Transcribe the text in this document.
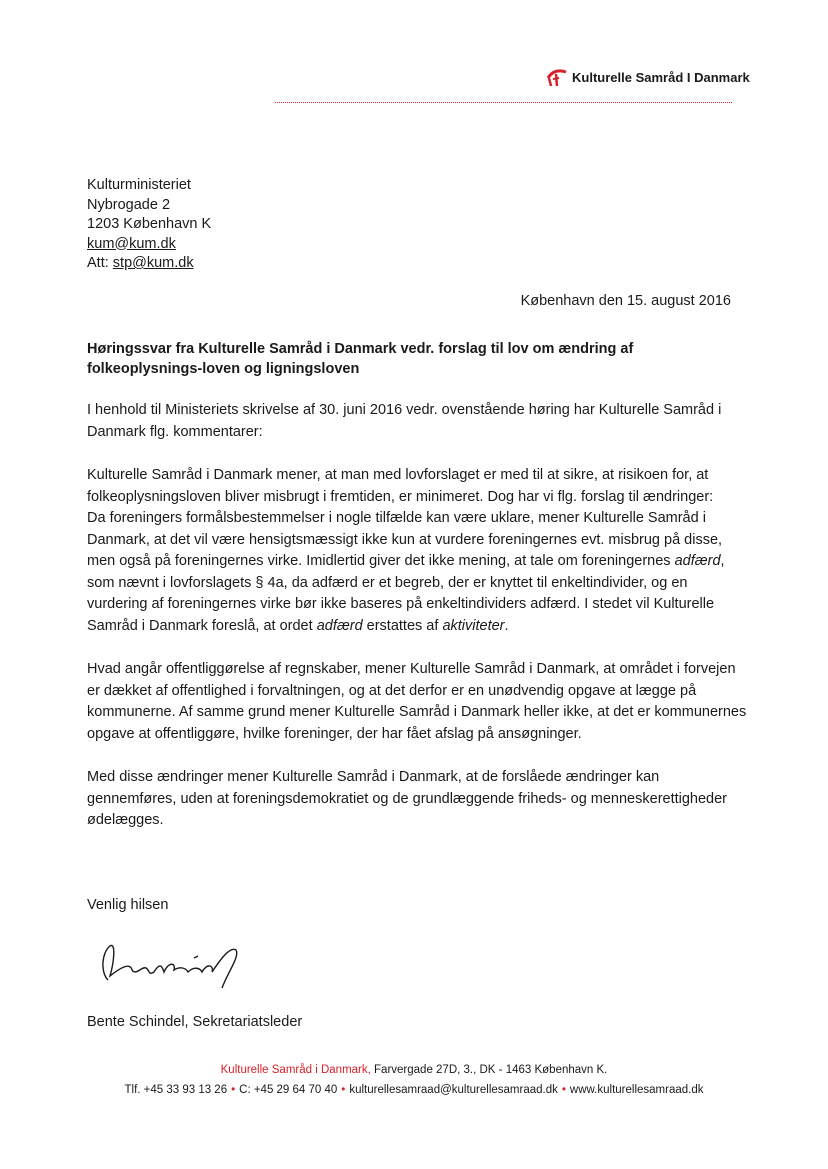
Kulturelle Samråd I Danmark
Kulturministeriet
Nybrogade 2
1203 København K
kum@kum.dk
Att: stp@kum.dk
København den 15. august 2016
Høringssvar fra Kulturelle Samråd i Danmark vedr. forslag til lov om ændring af folkeoplysnings-loven og ligningsloven

I henhold til Ministeriets skrivelse af 30. juni 2016 vedr. ovenstående høring har Kulturelle Samråd i Danmark flg. kommentarer:

Kulturelle Samråd i Danmark mener, at man med lovforslaget er med til at sikre, at risikoen for, at folkeoplysningsloven bliver misbrugt i fremtiden, er minimeret. Dog har vi flg. forslag til ændringer:

Da foreningers formålsbestemmelser i nogle tilfælde kan være uklare, mener Kulturelle Samråd i Danmark, at det vil være hensigtsmæssigt ikke kun at vurdere foreningernes evt. misbrug på disse, men også på foreningernes virke. Imidlertid giver det ikke mening, at tale om foreningernes adfærd, som nævnt i lovforslagets § 4a, da adfærd er et begreb, der er knyttet til enkeltindivider, og en vurdering af foreningernes virke bør ikke baseres på enkeltindividers adfærd. I stedet vil Kulturelle Samråd i Danmark foreslå, at ordet adfærd erstattes af aktiviteter.

Hvad angår offentliggørelse af regnskaber, mener Kulturelle Samråd i Danmark, at området i forvejen er dækket af offentlighed i forvaltningen, og at det derfor er en unødvendig opgave at lægge på kommunerne. Af samme grund mener Kulturelle Samråd i Danmark heller ikke, at det er kommunernes opgave at offentliggøre, hvilke foreninger, der har fået afslag på ansøgninger.

Med disse ændringer mener Kulturelle Samråd i Danmark, at de forslåede ændringer kan gennemføres, uden at foreningsdemokratiet og de grundlæggende friheds- og menneskerettigheder ødelægges.

Venlig hilsen
Bente Schindel, Sekretariatsleder
Kulturelle Samråd i Danmark, Farvergade 27D, 3., DK - 1463 København K.
Tlf. +45 33 93 13 26 • C: +45 29 64 70 40 • kulturellesamraad@kulturellesamraad.dk • www.kulturellesamraad.dk
